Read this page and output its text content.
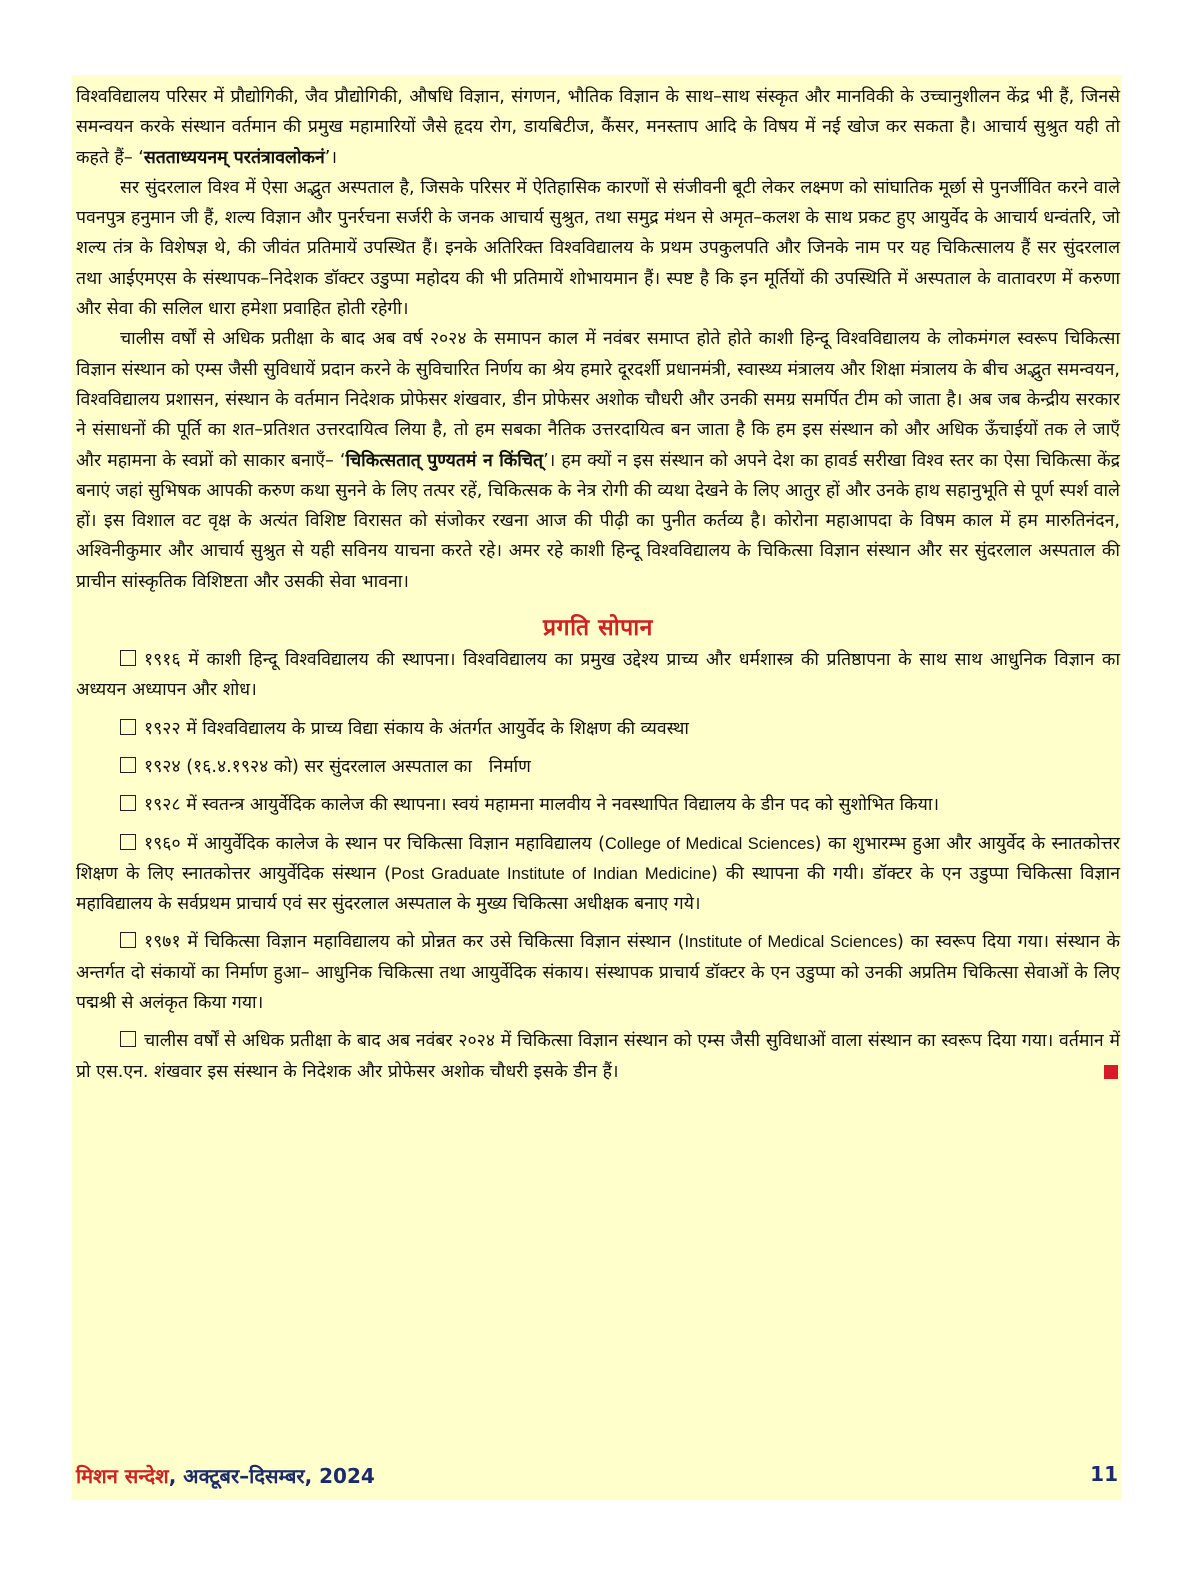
विश्वविद्यालय परिसर में प्रौद्योगिकी, जैव प्रौद्योगिकी, औषधि विज्ञान, संगणन, भौतिक विज्ञान के साथ–साथ संस्कृत और मानविकी के उच्चानुशीलन केंद्र भी हैं, जिनसे समन्वयन करके संस्थान वर्तमान की प्रमुख महामारियों जैसे हृदय रोग, डायबिटीज, कैंसर, मनस्ताप आदि के विषय में नई खोज कर सकता है। आचार्य सुश्रुत यही तो कहते हैं– ‘सतताध्ययनम् परतंत्रावलोकनं’।

सर सुंदरलाल विश्व में ऐसा अद्भुत अस्पताल है, जिसके परिसर में ऐतिहासिक कारणों से संजीवनी बूटी लेकर लक्ष्मण को सांघातिक मूर्छा से पुनर्जीवित करने वाले पवनपुत्र हनुमान जी हैं, शल्य विज्ञान और पुनर्रचना सर्जरी के जनक आचार्य सुश्रुत, तथा समुद्र मंथन से अमृत–कलश के साथ प्रकट हुए आयुर्वेद के आचार्य धन्वंतरि, जो शल्य तंत्र के विशेषज्ञ थे, की जीवंत प्रतिमायें उपस्थित हैं। इनके अतिरिक्त विश्वविद्यालय के प्रथम उपकुलपति और जिनके नाम पर यह चिकित्सालय हैं सर सुंदरलाल तथा आईएमएस के संस्थापक–निदेशक डॉक्टर उडुप्पा महोदय की भी प्रतिमायें शोभायमान हैं। स्पष्ट है कि इन मूर्तियों की उपस्थिति में अस्पताल के वातावरण में करुणा और सेवा की सलिल धारा हमेशा प्रवाहित होती रहेगी।

चालीस वर्षों से अधिक प्रतीक्षा के बाद अब वर्ष २०२४ के समापन काल में नवंबर समाप्त होते होते काशी हिन्दू विश्वविद्यालय के लोकमंगल स्वरूप चिकित्सा विज्ञान संस्थान को एम्स जैसी सुविधायें प्रदान करने के सुविचारित निर्णय का श्रेय हमारे दूरदर्शी प्रधानमंत्री, स्वास्थ्य मंत्रालय और शिक्षा मंत्रालय के बीच अद्भुत समन्वयन, विश्वविद्यालय प्रशासन, संस्थान के वर्तमान निदेशक प्रोफेसर शंखवार, डीन प्रोफेसर अशोक चौधरी और उनकी समग्र समर्पित टीम को जाता है। अब जब केन्द्रीय सरकार ने संसाधनों की पूर्ति का शत–प्रतिशत उत्तरदायित्व लिया है, तो हम सबका नैतिक उत्तरदायित्व बन जाता है कि हम इस संस्थान को और अधिक ऊँचाईयों तक ले जाएँ और महामना के स्वप्नों को साकार बनाएँ– ‘चिकित्सतात् पुण्यतमं न किंचित्’। हम क्यों न इस संस्थान को अपने देश का हावर्ड सरीखा विश्व स्तर का ऐसा चिकित्सा केंद्र बनाएं जहां सुभिषक आपकी करुण कथा सुनने के लिए तत्पर रहें, चिकित्सक के नेत्र रोगी की व्यथा देखने के लिए आतुर हों और उनके हाथ सहानुभूति से पूर्ण स्पर्श वाले हों। इस विशाल वट वृक्ष के अत्यंत विशिष्ट विरासत को संजोकर रखना आज की पीढ़ी का पुनीत कर्तव्य है। कोरोना महाआपदा के विषम काल में हम मारुतिनंदन, अश्विनीकुमार और आचार्य सुश्रुत से यही सविनय याचना करते रहे। अमर रहे काशी हिन्दू विश्वविद्यालय के चिकित्सा विज्ञान संस्थान और सर सुंदरलाल अस्पताल की प्राचीन सांस्कृतिक विशिष्टता और उसकी सेवा भावना।

प्रगति सोपान

१९१६ में काशी हिन्दू विश्वविद्यालय की स्थापना। विश्वविद्यालय का प्रमुख उद्देश्य प्राच्य और धर्मशास्त्र की प्रतिष्ठापना के साथ साथ आधुनिक विज्ञान का अध्ययन अध्यापन और शोध।

१९२२ में विश्वविद्यालय के प्राच्य विद्या संकाय के अंतर्गत आयुर्वेद के शिक्षण की व्यवस्था

१९२४ (१६.४.१९२४ को) सर सुंदरलाल अस्पताल का   निर्माण

१९२८ में स्वतन्त्र आयुर्वेदिक कालेज की स्थापना। स्वयं महामना मालवीय ने नवस्थापित विद्यालय के डीन पद को सुशोभित किया।

१९६० में आयुर्वेदिक कालेज के स्थान पर चिकित्सा विज्ञान महाविद्यालय (College of Medical Sciences) का शुभारम्भ हुआ और आयुर्वेद के स्नातकोत्तर शिक्षण के लिए स्नातकोत्तर आयुर्वेदिक संस्थान (Post Graduate Institute of Indian Medicine) की स्थापना की गयी। डॉक्टर के एन उडुप्पा चिकित्सा विज्ञान महाविद्यालय के सर्वप्रथम प्राचार्य एवं सर सुंदरलाल अस्पताल के मुख्य चिकित्सा अधीक्षक बनाए गये।

१९७१ में चिकित्सा विज्ञान महाविद्यालय को प्रोन्नत कर उसे चिकित्सा विज्ञान संस्थान (Institute of Medical Sciences) का स्वरूप दिया गया। संस्थान के अन्तर्गत दो संकायों का निर्माण हुआ– आधुनिक चिकित्सा तथा आयुर्वेदिक संकाय। संस्थापक प्राचार्य डॉक्टर के एन उडुप्पा को उनकी अप्रतिम चिकित्सा सेवाओं के लिए पद्मश्री से अलंकृत किया गया।

चालीस वर्षों से अधिक प्रतीक्षा के बाद अब नवंबर २०२४ में चिकित्सा विज्ञान संस्थान को एम्स जैसी सुविधाओं वाला संस्थान का स्वरूप दिया गया। वर्तमान में प्रो एस.एन. शंखवार इस संस्थान के निदेशक और प्रोफेसर अशोक चौधरी इसके डीन हैं।

मिशन सन्देश, अक्टूबर–दिसम्बर, 2024	11
